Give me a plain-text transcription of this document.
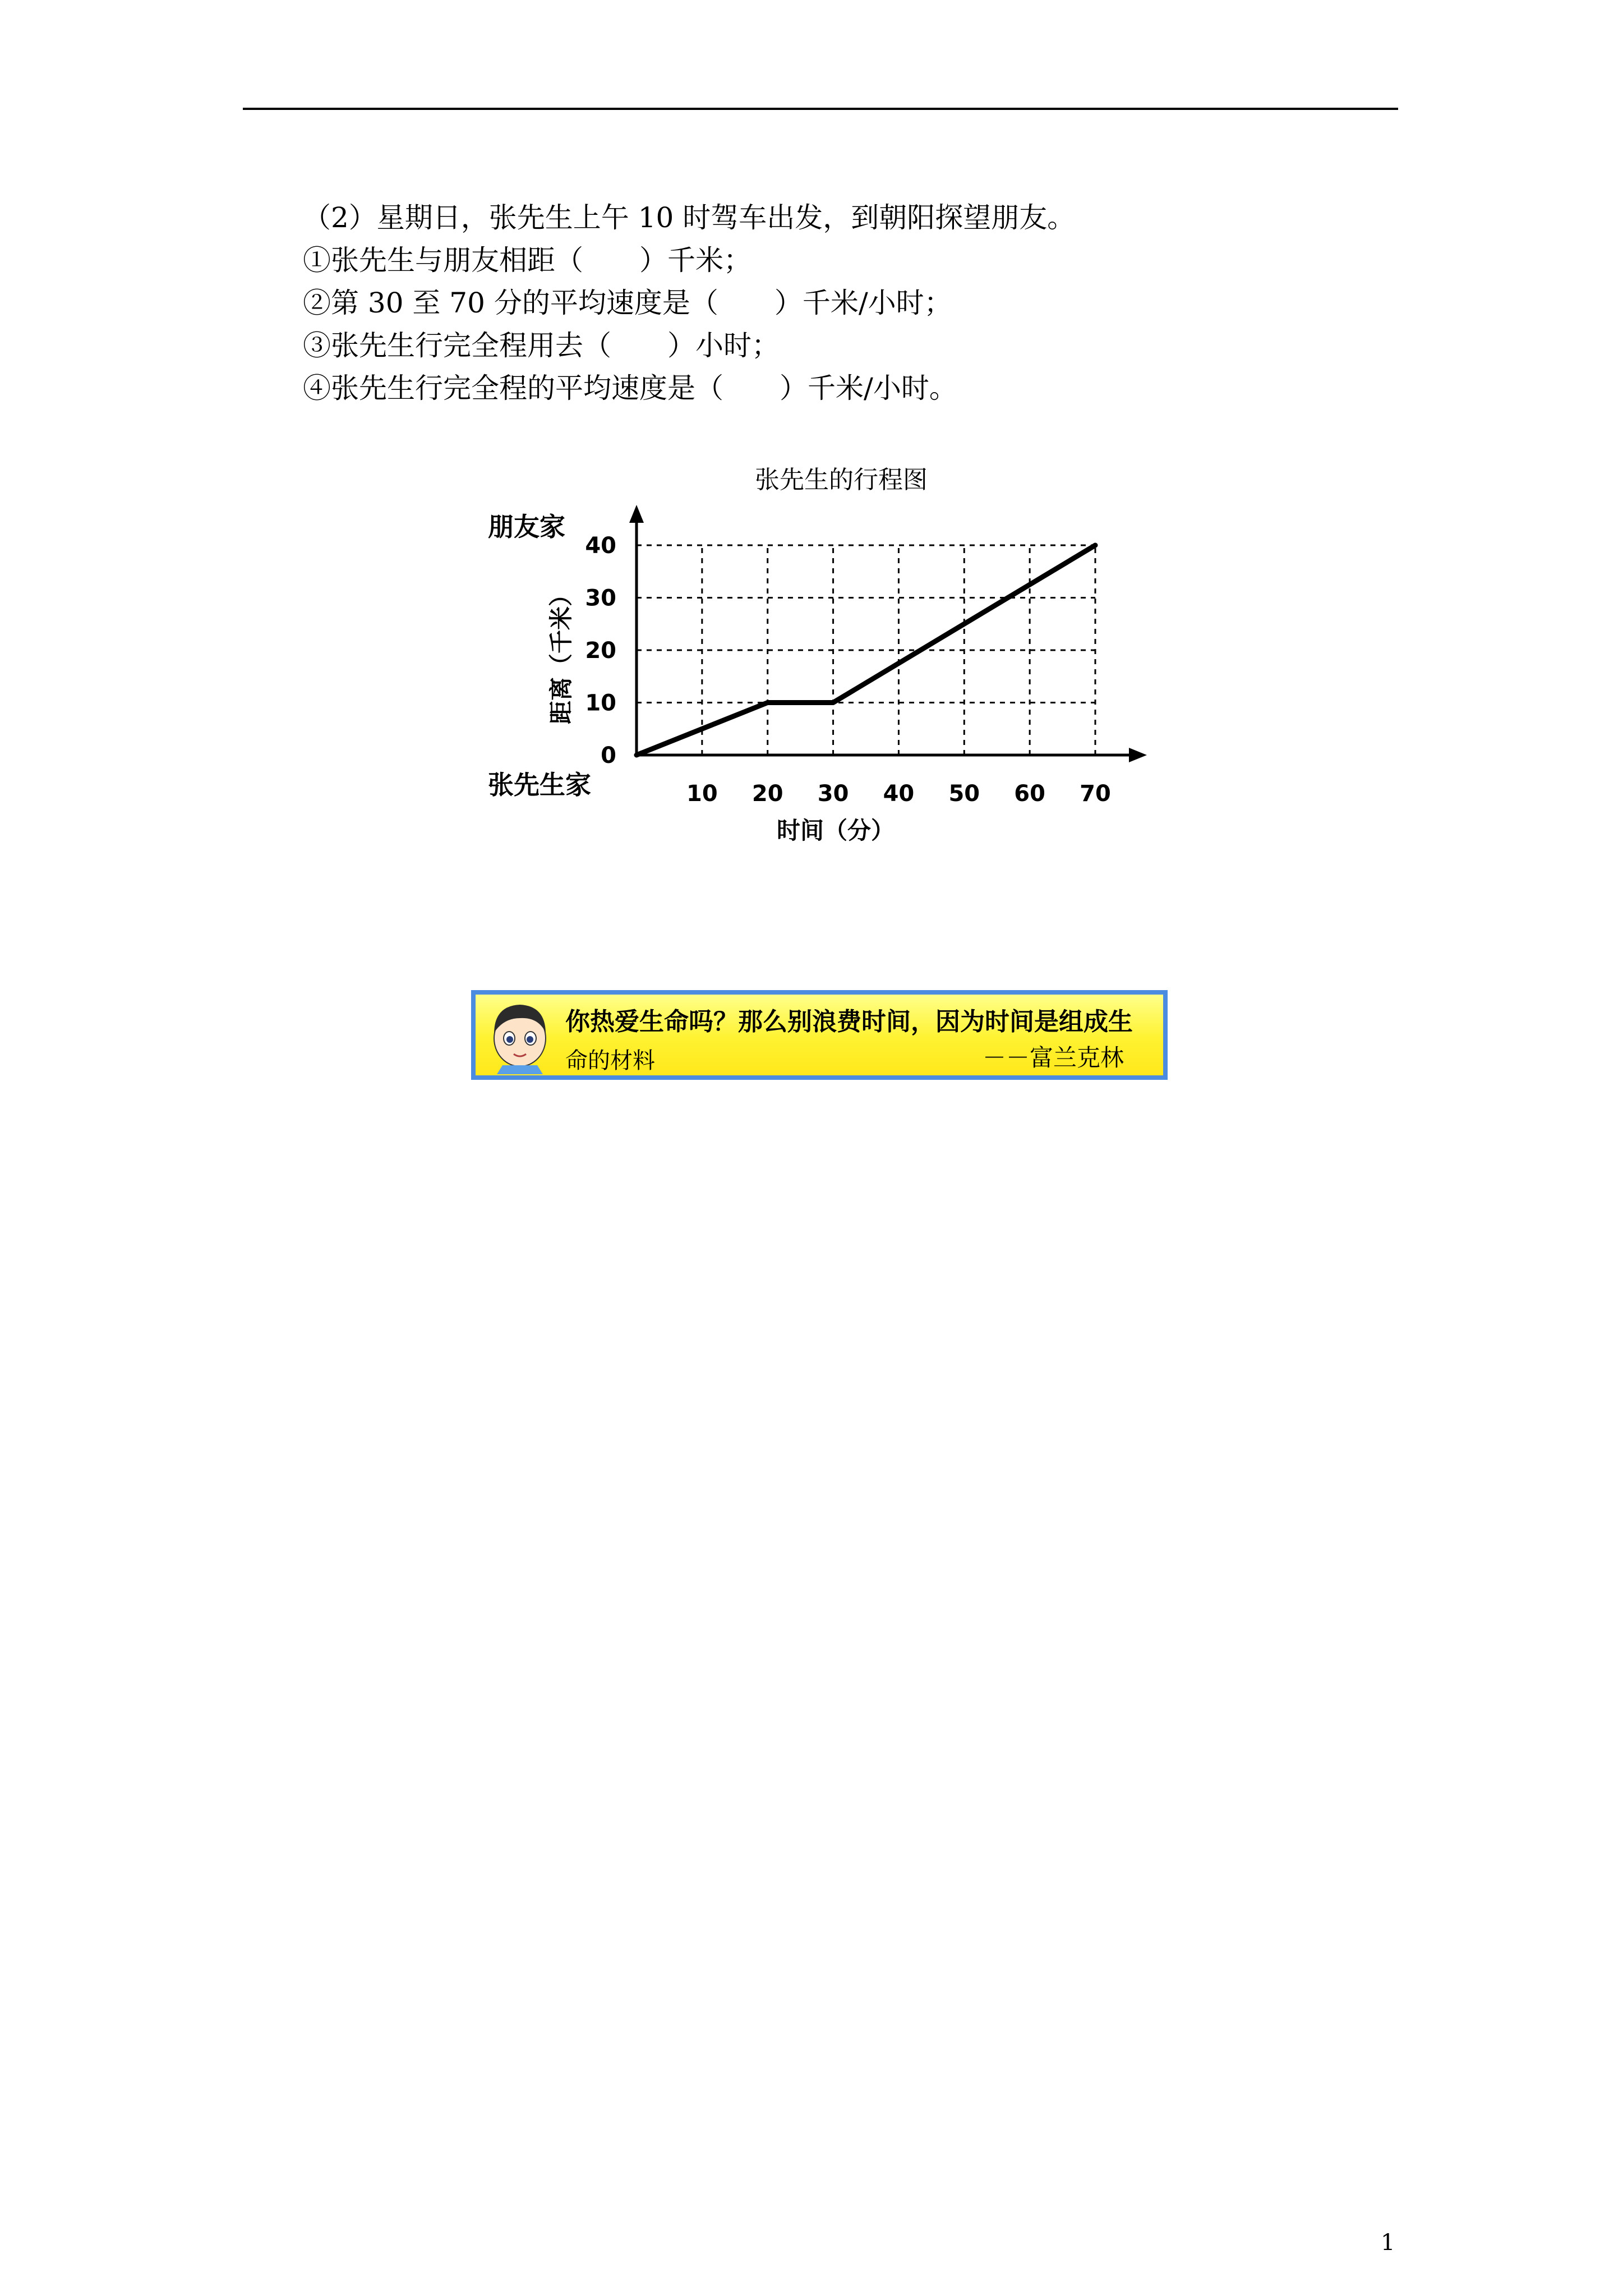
（2）星期日，张先生上午 10 时驾车出发，到朝阳探望朋友。

①张先生与朋友相距（　　）千米；

②第 30 至 70 分的平均速度是（　　）千米/小时；

③张先生行完全程用去（　　）小时；

④张先生行完全程的平均速度是（　　）千米/小时。

张先生的行程图
10 20 30 40 50 60 70
0
10
20
30
40
朋友家
张先生家
时间（分）
距离（千米）
你热爱生命吗？那么别浪费时间，因为时间是组成生
命的材料	－－富兰克林
1
